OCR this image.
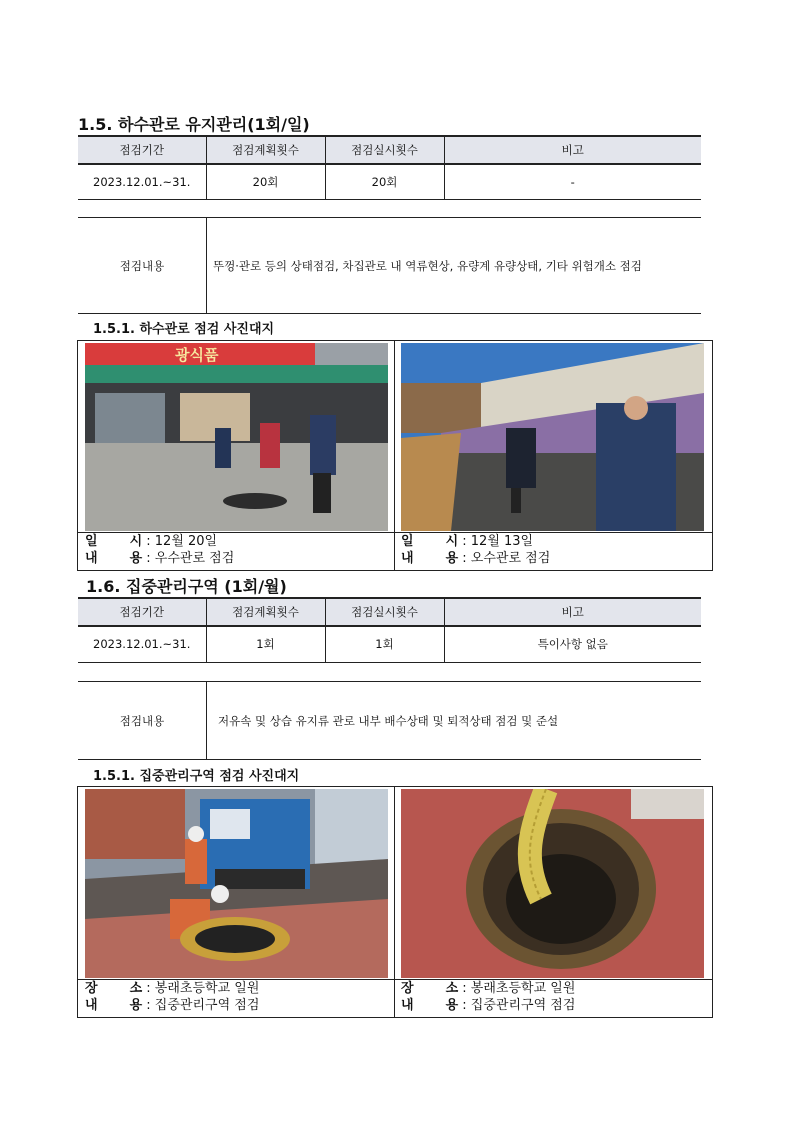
1.5. 하수관로 유지관리(1회/일)
점검기간	점검계획횟수	점검실시횟수	비고
2023.12.01.~31.	20회	20회	-
점검내용	뚜껑·관로 등의 상태점검, 차집관로 내 역류현상, 유량계 유량상태, 기타 위험개소 점검
1.5.1. 하수관로 점검 사진대지
광식품
일 시 : 12월 20일
내 용 : 우수관로 점검
일 시 : 12월 13일
내 용 : 오수관로 점검
1.6. 집중관리구역 (1회/월)
점검기간	점검계획횟수	점검실시횟수	비고
2023.12.01.~31.	1회	1회	특이사항 없음
점검내용	저유속 및 상습 유지류 관로 내부 배수상태 및 퇴적상태 점검 및 준설
1.5.1. 집중관리구역 점검 사진대지
장 소 : 봉래초등학교 일원
내 용 : 집중관리구역 점검
장 소 : 봉래초등학교 일원
내 용 : 집중관리구역 점검
